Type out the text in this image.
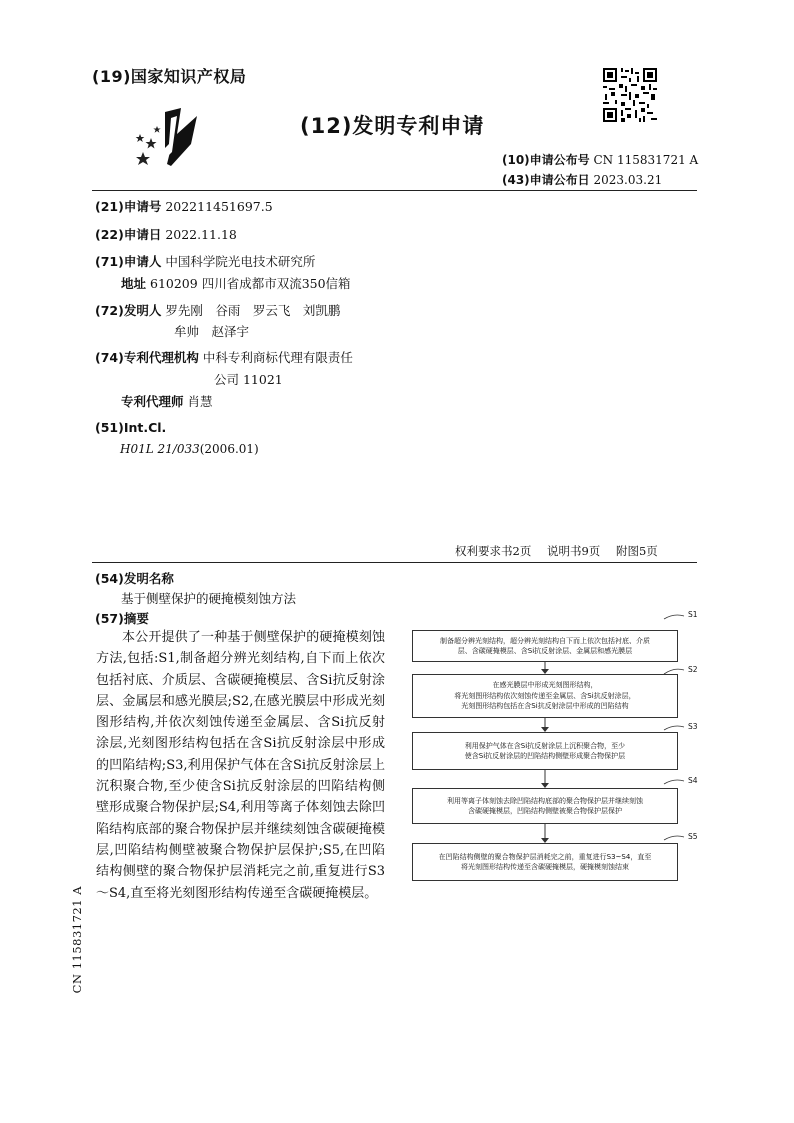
(19)国家知识产权局
(12)发明专利申请
(10)申请公布号 CN 115831721 A
(43)申请公布日 2023.03.21
(21)申请号 202211451697.5
(22)申请日 2022.11.18
(71)申请人 中国科学院光电技术研究所
地址 610209 四川省成都市双流350信箱
(72)发明人 罗先刚　谷雨　罗云飞　刘凯鹏
牟帅　赵泽宇
(74)专利代理机构 中科专利商标代理有限责任
公司 11021
专利代理师 肖慧
(51)Int.Cl.
H01L 21/033(2006.01)
权利要求书2页 说明书9页 附图5页
(54)发明名称
基于侧壁保护的硬掩模刻蚀方法
(57)摘要
本公开提供了一种基于侧壁保护的硬掩模刻蚀方法,包括:S1,制备超分辨光刻结构,自下而上依次包括衬底、介质层、含碳硬掩模层、含Si抗反射涂层、金属层和感光膜层;S2,在感光膜层中形成光刻图形结构,并依次刻蚀传递至金属层、含Si抗反射涂层,光刻图形结构包括在含Si抗反射涂层中形成的凹陷结构;S3,利用保护气体在含Si抗反射涂层上沉积聚合物,至少使含Si抗反射涂层的凹陷结构侧壁形成聚合物保护层;S4,利用等离子体刻蚀去除凹陷结构底部的聚合物保护层并继续刻蚀含碳硬掩模层,凹陷结构侧壁被聚合物保护层保护;S5,在凹陷结构侧壁的聚合物保护层消耗完之前,重复进行S3～S4,直至将光刻图形结构传递至含碳硬掩模层。
S1
制备超分辨光刻结构，超分辨光刻结构自下而上依次包括衬底、介质
层、含碳硬掩模层、含Si抗反射涂层、金属层和感光膜层
S2
在感光膜层中形成光刻图形结构，
将光刻图形结构依次刻蚀传递至金属层、含Si抗反射涂层，
光刻图形结构包括在含Si抗反射涂层中形成的凹陷结构
S3
利用保护气体在含Si抗反射涂层上沉积聚合物，至少
使含Si抗反射涂层的凹陷结构侧壁形成聚合物保护层
S4
利用等离子体刻蚀去除凹陷结构底部的聚合物保护层并继续刻蚀
含碳硬掩模层，凹陷结构侧壁被聚合物保护层保护
S5
在凹陷结构侧壁的聚合物保护层消耗完之前，重复进行S3~S4，直至
将光刻图形结构传递至含碳硬掩模层，硬掩模刻蚀结束
CN 115831721 A
